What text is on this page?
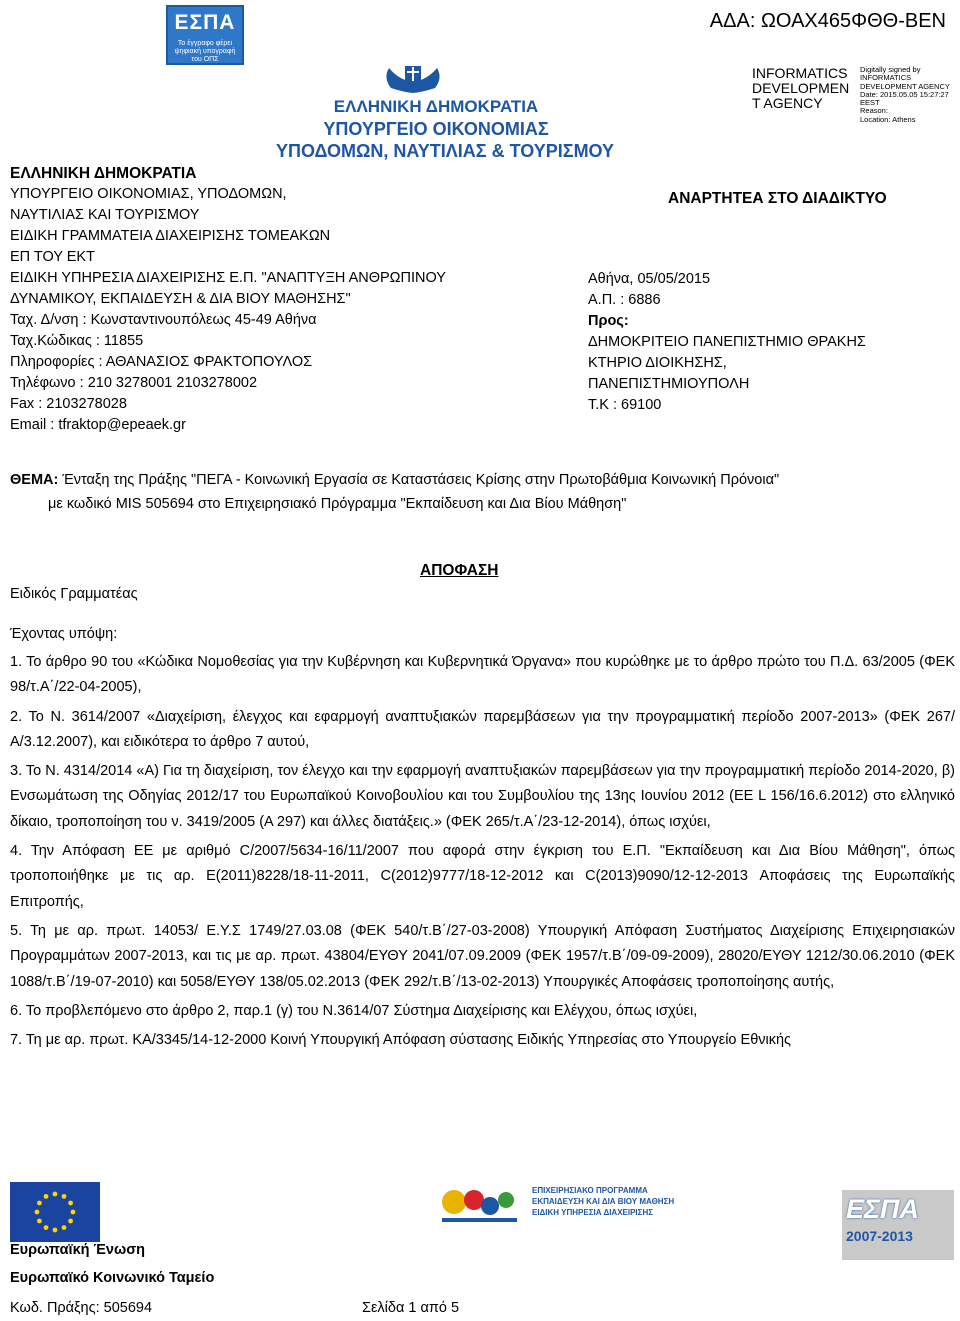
ΕΣΠΑ
Το έγγραφο φέρει ψηφιακή υπογραφή του ΟΠΣ
ΑΔΑ: ΩΟΑΧ465ΦΘΘ-ΒΕΝ
INFORMATICS
DEVELOPMEN
T AGENCY
Digitally signed by
INFORMATICS
DEVELOPMENT AGENCY
Date: 2015.05.05 15:27:27
EEST
Reason:
Location: Athens
ΕΛΛΗΝΙΚΗ ΔΗΜΟΚΡΑΤΙΑ
ΥΠΟΥΡΓΕΙΟ ΟΙΚΟΝΟΜΙΑΣ
ΥΠΟΔΟΜΩΝ, ΝΑΥΤΙΛΙΑΣ & ΤΟΥΡΙΣΜΟΥ
ΕΛΛΗΝΙΚΗ ΔΗΜΟΚΡΑΤΙΑ
ΥΠΟΥΡΓΕΙΟ ΟΙΚΟΝΟΜΙΑΣ, ΥΠΟΔΟΜΩΝ,
ΝΑΥΤΙΛΙΑΣ ΚΑΙ ΤΟΥΡΙΣΜΟΥ
ΕΙΔΙΚΗ ΓΡΑΜΜΑΤΕΙΑ ΔΙΑΧΕΙΡΙΣΗΣ ΤΟΜΕΑΚΩΝ
ΕΠ ΤΟΥ ΕΚΤ
ΕΙΔΙΚΗ ΥΠΗΡΕΣΙΑ ΔΙΑΧΕΙΡΙΣΗΣ Ε.Π. "ΑΝΑΠΤΥΞΗ ΑΝΘΡΩΠΙΝΟΥ
ΔΥΝΑΜΙΚΟΥ, ΕΚΠΑΙΔΕΥΣΗ & ΔΙΑ ΒΙΟΥ ΜΑΘΗΣΗΣ"
Ταχ. Δ/νση : Κωνσταντινουπόλεως 45-49 Αθήνα
Ταχ.Κώδικας : 11855
Πληροφορίες : ΑΘΑΝΑΣΙΟΣ ΦΡΑΚΤΟΠΟΥΛΟΣ
Τηλέφωνο : 210 3278001 2103278002
Fax : 2103278028
Email : tfraktop@epeaek.gr
ΑΝΑΡΤΗΤΕΑ ΣΤΟ ΔΙΑΔΙΚΤΥΟ
Αθήνα, 05/05/2015
Α.Π. : 6886
Προς:
ΔΗΜΟΚΡΙΤΕΙΟ ΠΑΝΕΠΙΣΤΗΜΙΟ ΘΡΑΚΗΣ
ΚΤΗΡΙΟ ΔΙΟΙΚΗΣΗΣ,
ΠΑΝΕΠΙΣΤΗΜΙΟΥΠΟΛΗ
Τ.Κ : 69100
ΘΕΜΑ: Ένταξη της Πράξης "ΠΕΓΑ - Κοινωνική Εργασία σε Καταστάσεις Κρίσης στην Πρωτοβάθμια Κοινωνική Πρόνοια"
με κωδικό MIS 505694 στο Επιχειρησιακό Πρόγραμμα "Εκπαίδευση και Δια Βίου Μάθηση"
ΑΠΟΦΑΣΗ
Ειδικός Γραμματέας
Έχοντας υπόψη:
1. Το άρθρο 90 του «Κώδικα Νομοθεσίας για την Κυβέρνηση και Κυβερνητικά Όργανα» που κυρώθηκε με το άρθρο πρώτο του Π.Δ. 63/2005 (ΦΕΚ 98/τ.Α΄/22-04-2005),
2. Το Ν. 3614/2007 «Διαχείριση, έλεγχος και εφαρμογή αναπτυξιακών παρεμβάσεων για την προγραμματική περίοδο 2007-2013» (ΦΕΚ 267/Α/3.12.2007), και ειδικότερα το άρθρο 7 αυτού,
3. Το Ν. 4314/2014 «Α) Για τη διαχείριση, τον έλεγχο και την εφαρμογή αναπτυξιακών παρεμβάσεων για την προγραμματική περίοδο 2014-2020, β) Ενσωμάτωση της Οδηγίας 2012/17 του Ευρωπαϊκού Κοινοβουλίου και του Συμβουλίου της 13ης Ιουνίου 2012 (ΕΕ L 156/16.6.2012) στο ελληνικό δίκαιο, τροποποίηση του ν. 3419/2005 (Α 297) και άλλες διατάξεις.» (ΦΕΚ 265/τ.Α΄/23-12-2014), όπως ισχύει,
4. Την Απόφαση ΕΕ με αριθμό C/2007/5634-16/11/2007 που αφορά στην έγκριση του Ε.Π. "Εκπαίδευση και Δια Βίου Μάθηση", όπως τροποποιήθηκε με τις αρ. E(2011)8228/18-11-2011, C(2012)9777/18-12-2012 και C(2013)9090/12-12-2013 Αποφάσεις της Ευρωπαϊκής Επιτροπής,
5. Τη με αρ. πρωτ. 14053/ Ε.Υ.Σ 1749/27.03.08 (ΦΕΚ 540/τ.Β΄/27-03-2008) Υπουργική Απόφαση Συστήματος Διαχείρισης Επιχειρησιακών Προγραμμάτων 2007-2013, και τις με αρ. πρωτ. 43804/ΕΥΘΥ 2041/07.09.2009 (ΦΕΚ 1957/τ.Β΄/09-09-2009), 28020/ΕΥΘΥ 1212/30.06.2010 (ΦΕΚ 1088/τ.Β΄/19-07-2010) και 5058/ΕΥΘΥ 138/05.02.2013 (ΦΕΚ 292/τ.Β΄/13-02-2013) Υπουργικές Αποφάσεις τροποποίησης αυτής,
6. Το προβλεπόμενο στο άρθρο 2, παρ.1 (γ) του Ν.3614/07 Σύστημα Διαχείρισης και Ελέγχου, όπως ισχύει,
7. Τη με αρ. πρωτ. ΚΑ/3345/14-12-2000 Κοινή Υπουργική Απόφαση σύστασης Ειδικής Υπηρεσίας στο Υπουργείο Εθνικής
Ευρωπαϊκή Ένωση
Ευρωπαϊκό Κοινωνικό Ταμείο
ΕΠΙΧΕΙΡΗΣΙΑΚΟ ΠΡΟΓΡΑΜΜΑ
ΕΚΠΑΙΔΕΥΣΗ ΚΑΙ ΔΙΑ ΒΙΟΥ ΜΑΘΗΣΗ
ΕΙΔΙΚΗ ΥΠΗΡΕΣΙΑ ΔΙΑΧΕΙΡΙΣΗΣ	ΕΣΠΑ
2007-2013
Κωδ. Πράξης: 505694	Σελίδα 1 από 5
